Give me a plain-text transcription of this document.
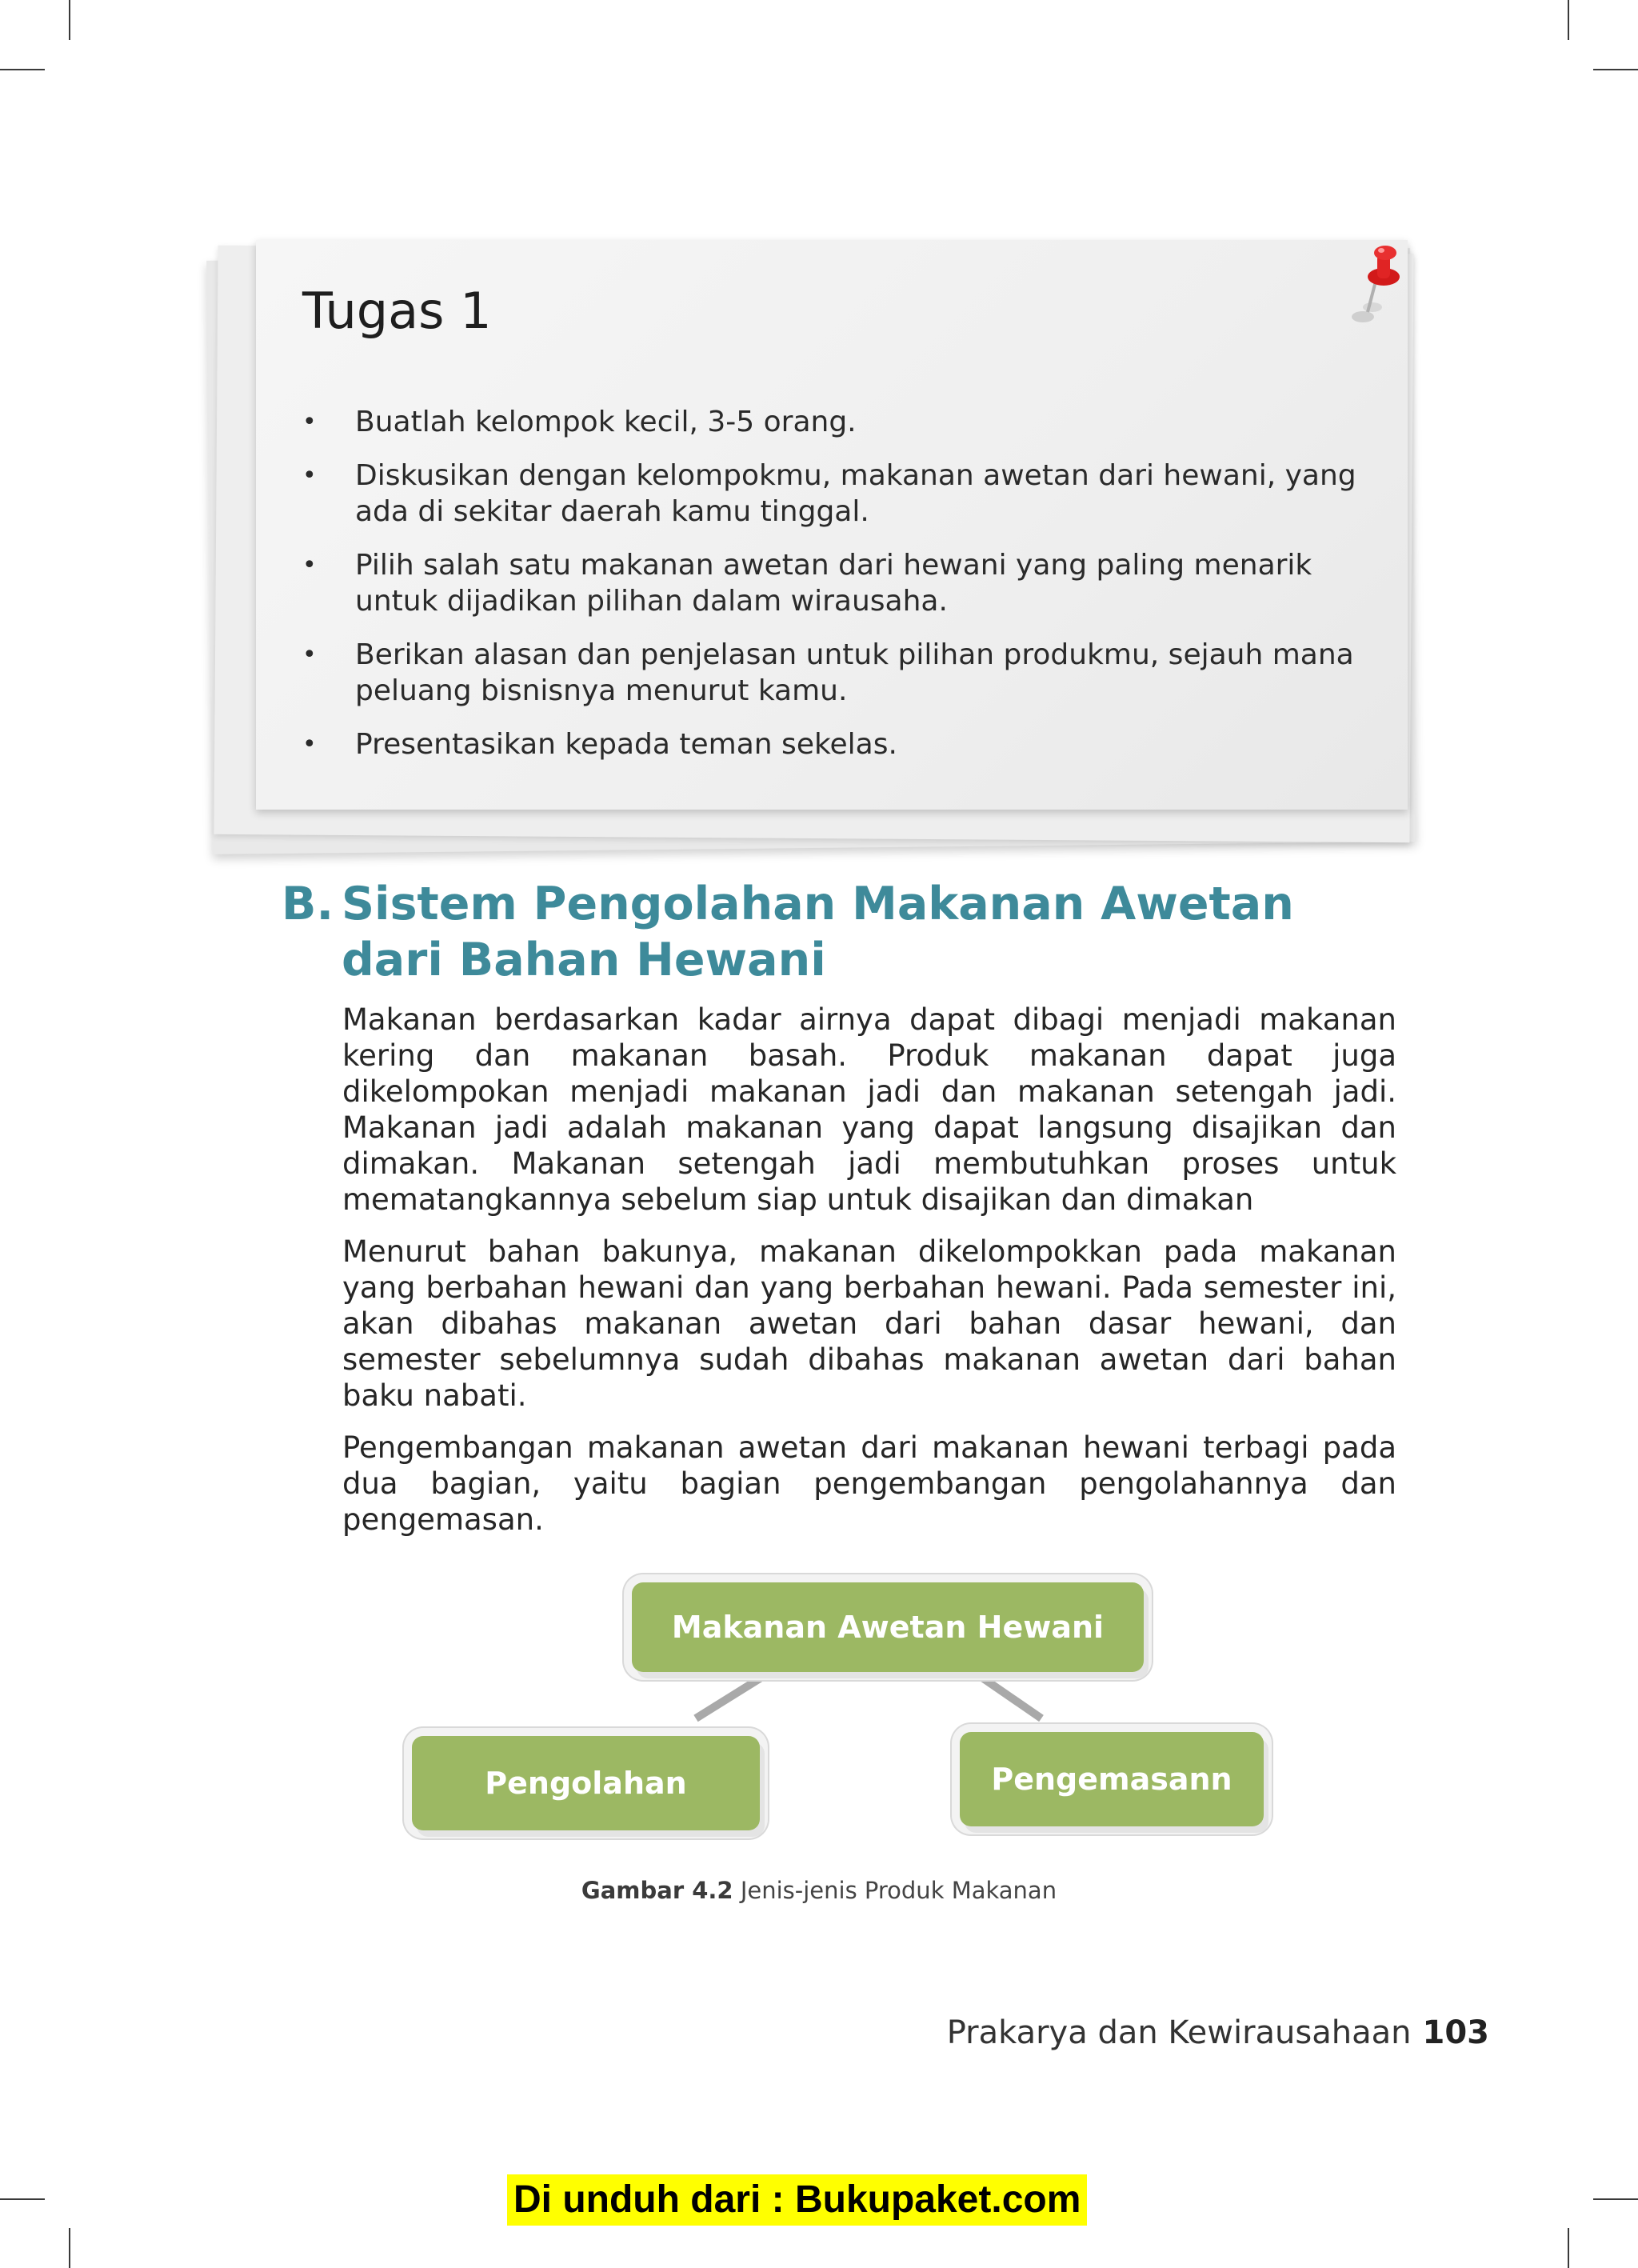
Tugas 1
• Buatlah kelompok kecil, 3-5 orang.
• Diskusikan dengan kelompokmu, makanan awetan dari hewani, yang ada di sekitar daerah kamu tinggal.
• Pilih salah satu makanan awetan dari hewani yang paling menarik untuk dijadikan pilihan dalam wirausaha.
• Berikan alasan dan penjelasan untuk pilihan produkmu, sejauh mana peluang bisnisnya menurut kamu.
• Presentasikan kepada teman sekelas.
B. Sistem Pengolahan Makanan Awetan dari Bahan Hewani

Makanan berdasarkan kadar airnya dapat dibagi menjadi makanan kering dan makanan basah. Produk makanan dapat juga dikelompokan menjadi makanan jadi dan makanan setengah jadi. Makanan jadi adalah makanan yang dapat langsung disajikan dan dimakan. Makanan setengah jadi membutuhkan proses untuk mematangkannya sebelum siap untuk disajikan dan dimakan

Menurut bahan bakunya, makanan dikelompokkan pada makanan yang berbahan hewani dan yang berbahan hewani. Pada semester ini, akan dibahas makanan awetan dari bahan dasar hewani, dan semester sebelumnya sudah dibahas makanan awetan dari bahan baku nabati.

Pengembangan makanan awetan dari makanan hewani terbagi pada dua bagian, yaitu bagian pengembangan pengolahannya dan pengemasan.

Makanan Awetan Hewani
Pengolahan	Pengemasann
Gambar 4.2 Jenis-jenis Produk Makanan
Prakarya dan Kewirausahaan 103
Di unduh dari : Bukupaket.com
